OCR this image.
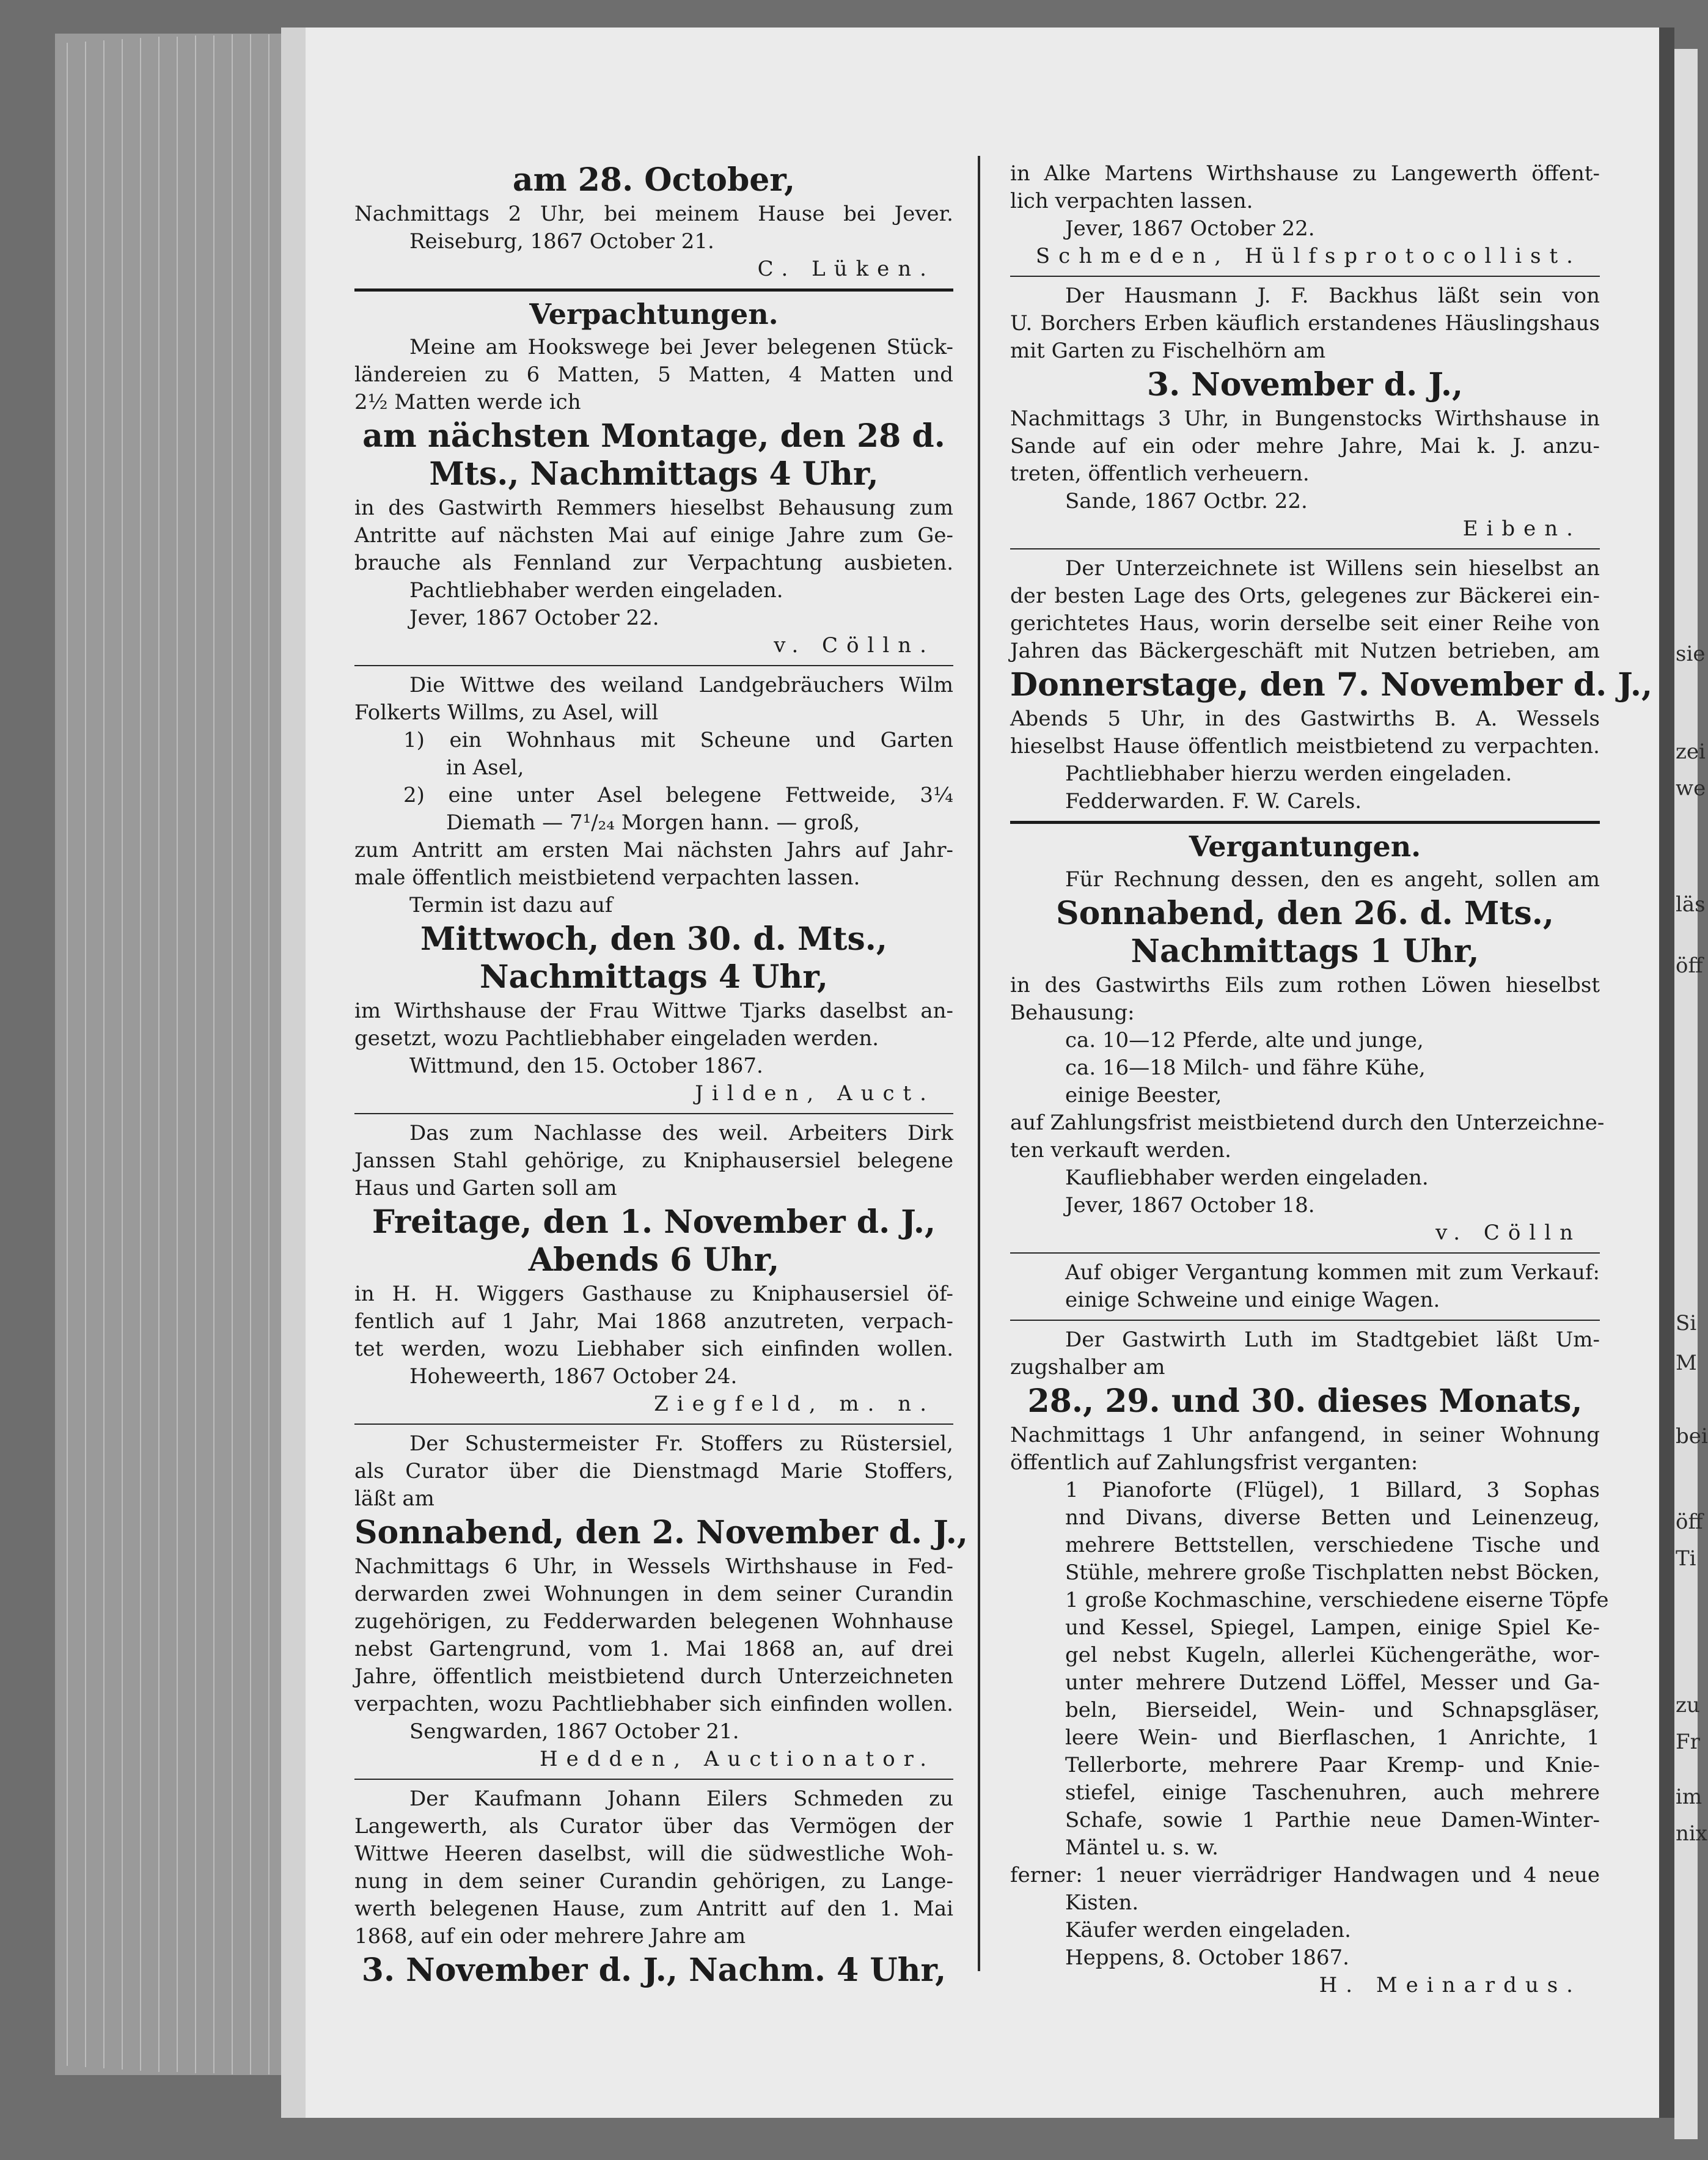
am 28. October,
Nachmittags 2 Uhr, bei meinem Hause bei Jever.
Reiseburg, 1867 October 21.
C. Lüken.
Verpachtungen.
Meine am Hookswege bei Jever belegenen Stück-
ländereien zu 6 Matten, 5 Matten, 4 Matten und
2½ Matten werde ich
am nächsten Montage, den 28 d.
Mts., Nachmittags 4 Uhr,
in des Gastwirth Remmers hieselbst Behausung zum
Antritte auf nächsten Mai auf einige Jahre zum Ge-
brauche als Fennland zur Verpachtung ausbieten.
Pachtliebhaber werden eingeladen.
Jever, 1867 October 22.
v. Cölln.
Die Wittwe des weiland Landgebräuchers Wilm
Folkerts Willms, zu Asel, will
1) ein Wohnhaus mit Scheune und Garten
in Asel,
2) eine unter Asel belegene Fettweide, 3¼
Diemath — 7¹/₂₄ Morgen hann. — groß,
zum Antritt am ersten Mai nächsten Jahrs auf Jahr-
male öffentlich meistbietend verpachten lassen.
Termin ist dazu auf
Mittwoch, den 30. d. Mts.,
Nachmittags 4 Uhr,
im Wirthshause der Frau Wittwe Tjarks daselbst an-
gesetzt, wozu Pachtliebhaber eingeladen werden.
Wittmund, den 15. October 1867.
Jilden, Auct.
Das zum Nachlasse des weil. Arbeiters Dirk
Janssen Stahl gehörige, zu Kniphausersiel belegene
Haus und Garten soll am
Freitage, den 1. November d. J.,
Abends 6 Uhr,
in H. H. Wiggers Gasthause zu Kniphausersiel öf-
fentlich auf 1 Jahr, Mai 1868 anzutreten, verpach-
tet werden, wozu Liebhaber sich einfinden wollen.
Hoheweerth, 1867 October 24.
Ziegfeld, m. n.
Der Schustermeister Fr. Stoffers zu Rüstersiel,
als Curator über die Dienstmagd Marie Stoffers,
läßt am
Sonnabend, den 2. November d. J.,
Nachmittags 6 Uhr, in Wessels Wirthshause in Fed-
derwarden zwei Wohnungen in dem seiner Curandin
zugehörigen, zu Fedderwarden belegenen Wohnhause
nebst Gartengrund, vom 1. Mai 1868 an, auf drei
Jahre, öffentlich meistbietend durch Unterzeichneten
verpachten, wozu Pachtliebhaber sich einfinden wollen.
Sengwarden, 1867 October 21.
Hedden, Auctionator.
Der Kaufmann Johann Eilers Schmeden zu
Langewerth, als Curator über das Vermögen der
Wittwe Heeren daselbst, will die südwestliche Woh-
nung in dem seiner Curandin gehörigen, zu Lange-
werth belegenen Hause, zum Antritt auf den 1. Mai
1868, auf ein oder mehrere Jahre am
3. November d. J., Nachm. 4 Uhr,
in Alke Martens Wirthshause zu Langewerth öffent-
lich verpachten lassen.
Jever, 1867 October 22.
Schmeden, Hülfsprotocollist.
Der Hausmann J. F. Backhus läßt sein von
U. Borchers Erben käuflich erstandenes Häuslingshaus
mit Garten zu Fischelhörn am
3. November d. J.,
Nachmittags 3 Uhr, in Bungenstocks Wirthshause in
Sande auf ein oder mehre Jahre, Mai k. J. anzu-
treten, öffentlich verheuern.
Sande, 1867 Octbr. 22.
Eiben.
Der Unterzeichnete ist Willens sein hieselbst an
der besten Lage des Orts, gelegenes zur Bäckerei ein-
gerichtetes Haus, worin derselbe seit einer Reihe von
Jahren das Bäckergeschäft mit Nutzen betrieben, am
Donnerstage, den 7. November d. J.,
Abends 5 Uhr, in des Gastwirths B. A. Wessels
hieselbst Hause öffentlich meistbietend zu verpachten.
Pachtliebhaber hierzu werden eingeladen.
Fedderwarden. F. W. Carels.
Vergantungen.
Für Rechnung dessen, den es angeht, sollen am
Sonnabend, den 26. d. Mts.,
Nachmittags 1 Uhr,
in des Gastwirths Eils zum rothen Löwen hieselbst
Behausung:
ca. 10—12 Pferde, alte und junge,
ca. 16—18 Milch- und fähre Kühe,
einige Beester,
auf Zahlungsfrist meistbietend durch den Unterzeichne-
ten verkauft werden.
Kaufliebhaber werden eingeladen.
Jever, 1867 October 18.
v. Cölln
Auf obiger Vergantung kommen mit zum Verkauf:
einige Schweine und einige Wagen.
Der Gastwirth Luth im Stadtgebiet läßt Um-
zugshalber am
28., 29. und 30. dieses Monats,
Nachmittags 1 Uhr anfangend, in seiner Wohnung
öffentlich auf Zahlungsfrist verganten:
1 Pianoforte (Flügel), 1 Billard, 3 Sophas
nnd Divans, diverse Betten und Leinenzeug,
mehrere Bettstellen, verschiedene Tische und
Stühle, mehrere große Tischplatten nebst Böcken,
1 große Kochmaschine, verschiedene eiserne Töpfe
und Kessel, Spiegel, Lampen, einige Spiel Ke-
gel nebst Kugeln, allerlei Küchengeräthe, wor-
unter mehrere Dutzend Löffel, Messer und Ga-
beln, Bierseidel, Wein- und Schnapsgläser,
leere Wein- und Bierflaschen, 1 Anrichte, 1
Tellerborte, mehrere Paar Kremp- und Knie-
stiefel, einige Taschenuhren, auch mehrere
Schafe, sowie 1 Parthie neue Damen-Winter-
Mäntel u. s. w.
ferner: 1 neuer vierrädriger Handwagen und 4 neue
Kisten.
Käufer werden eingeladen.
Heppens, 8. October 1867.
H. Meinardus.
sie
zei
we
läs
öff
Si
M
bei
öff
Ti
zu
Fr
im
nix
